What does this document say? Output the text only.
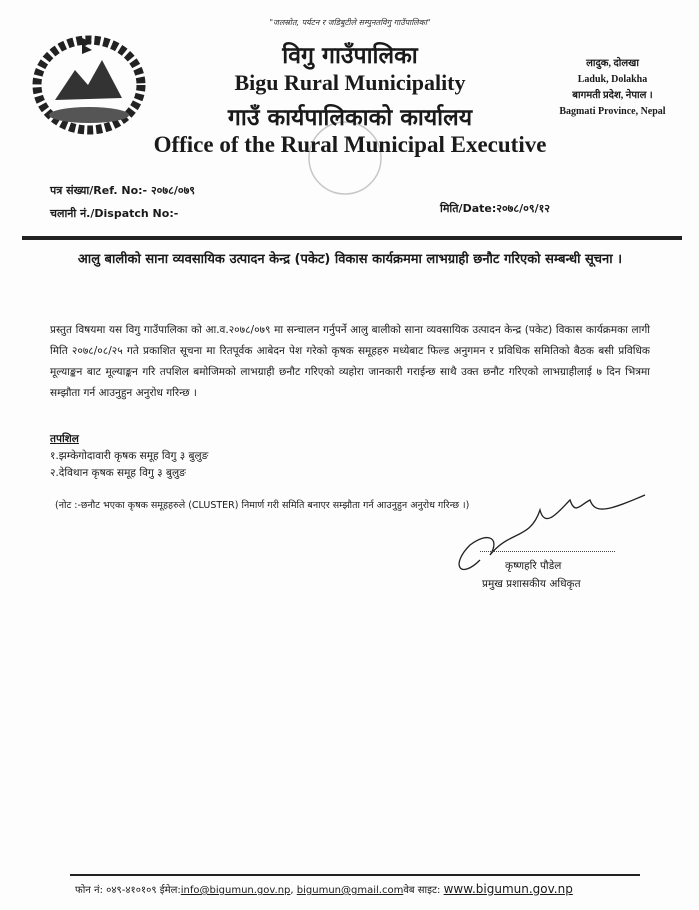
"जलस्रोत, पर्यटन र जडिबुटीले सम्पुनतविगु गाउँपालिका"
विगु गाउँपालिका
Bigu Rural Municipality
गाउँ कार्यपालिकाको कार्यालय
Office of the Rural Municipal Executive
लादुक, दोलखा
Laduk, Dolakha
बागमती प्रदेश, नेपाल ।
Bagmati Province, Nepal
पत्र संख्या/Ref. No:- २०७८/०७९
चलानी नं./Dispatch No:-	मिति/Date:२०७८/०९/१२
आलु बालीको साना व्यवसायिक उत्पादन केन्द्र (पकेट) विकास कार्यक्रममा लाभग्राही छनौट गरिएको सम्बन्धी सूचना ।
प्रस्तुत विषयमा यस विगु गाउँपालिका को आ.व.२०७८/०७९ मा सन्चालन गर्नुपर्ने आलु बालीको साना व्यवसायिक उत्पादन केन्द्र (पकेट) विकास कार्यक्रमका लागी मिति २०७८/०८/२५ गते प्रकाशित सूचना मा रितपूर्वक आबेदन पेश गरेको कृषक समूहहरु मध्येबाट फिल्ड अनुगमन र प्रविधिक समितिको बैठक बसी प्रविधिक मूल्याङ्कन बाट मूल्याङ्कन गरि तपशिल बमोजिमको लाभग्राही छनौट गरिएको व्यहोरा जानकारी गराईन्छ साथै उक्त छनौट गरिएको लाभग्राहीलाई ७ दिन भित्रमा सम्झौता गर्न आउनुहुन अनुरोध गरिन्छ ।
तपशिल
१.झम्केगोदावारी कृषक समूह विगु ३ बुलुङ
२.देविथान कृषक समूह विगु ३ बुलुङ
(नोट :-छनौट भएका कृषक समूहहरुले (CLUSTER) निमार्ण गरी समिति बनाएर सम्झौता गर्न आउनुहुन अनुरोध गरिन्छ ।)
कृष्णहरि पौडेल
प्रमुख प्रशासकीय अधिकृत
फोन नं: ०४९-४१०१०९ ईमेल:info@bigumun.gov.np, bigumun@gmail.comवेब साइट: www.bigumun.gov.np
